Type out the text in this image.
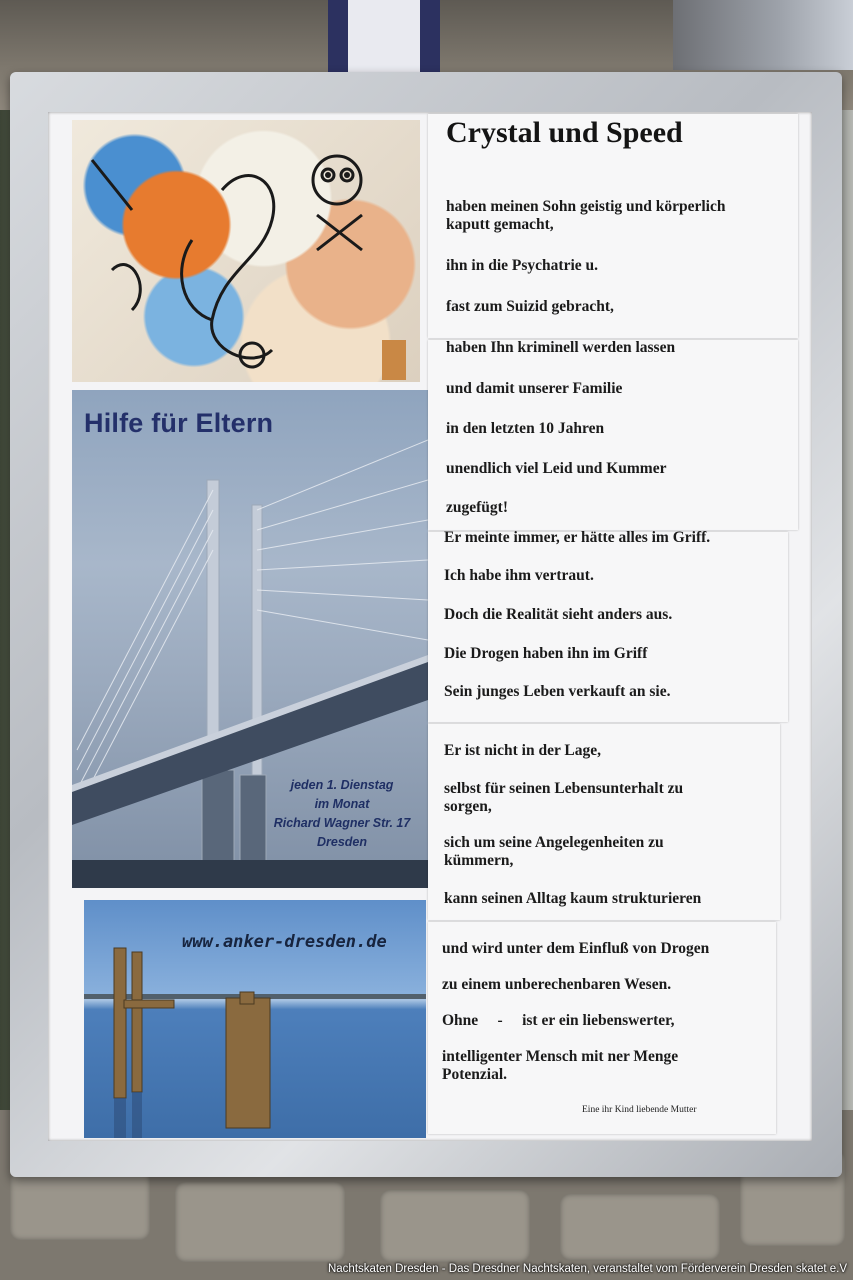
Hilfe für Eltern
jeden 1. Dienstag
im Monat
Richard Wagner Str. 17
Dresden

www.anker-dresden.de

Crystal und Speed
haben meinen Sohn geistig und körperlich
kaputt gemacht,
ihn in die Psychatrie u.
fast zum Suizid gebracht,
haben Ihn kriminell werden lassen
und damit unserer Familie
in den letzten 10 Jahren
unendlich viel Leid und Kummer
zugefügt!
Er meinte immer, er hätte alles im Griff.
Ich habe ihm vertraut.
Doch die Realität sieht anders aus.
Die Drogen haben ihn im Griff
Sein junges Leben verkauft an sie.
Er ist nicht in der Lage,
selbst für seinen Lebensunterhalt zu
sorgen,
sich um seine Angelegenheiten zu
kümmern,
kann seinen Alltag kaum strukturieren
und wird unter dem Einfluß von Drogen
zu einem unberechenbaren Wesen.
Ohne     -     ist er ein liebenswerter,
intelligenter Mensch mit ner Menge
Potenzial.
Eine ihr Kind liebende Mutter
Nachtskaten Dresden - Das Dresdner Nachtskaten, veranstaltet vom Förderverein Dresden skatet e.V
